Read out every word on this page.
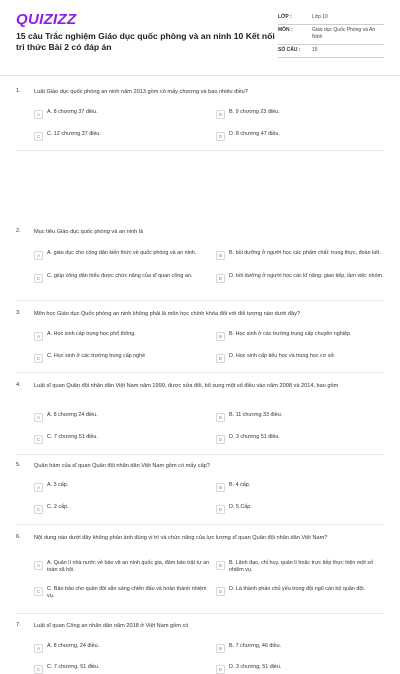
QUIZIZZ
15 câu Trắc nghiệm Giáo dục quốc phòng và an ninh 10 Kết nối tri thức Bài 2 có đáp án
LỚP :	Lớp 10
MÔN :	Giáo dục Quốc Phòng và An Ninh
SỐ CÂU :	15
1. Luật Giáo dục quốc phòng an ninh năm 2013 gồm có mấy chương và bao nhiêu điều?
A	A. 8 chương 37 điều.	B	B. 9 chương 23 điều.
C	C. 12 chương 37 điều.	D	D. 8 chương 47 điều.
2. Mục tiêu Giáo dục quốc phòng và an ninh là
A	A. giáo dục cho công dân kiến thức về quốc phòng và an ninh.	B	B. bồi dưỡng ở người học các phẩm chất: trung thực, đoàn kết.
C	C. giúp công dân hiểu được chức năng của sĩ quan công an.	D	D. bồi dưỡng ở người học các kĩ năng: giao tiếp, làm việc nhóm.
3. Môn học Giáo dục Quốc phòng an ninh không phải là môn học chính khóa đối với đối tượng nào dưới đây?
A	A. Học sinh cấp trung học phổ thông.	B	B. Học sinh ở các trường trung cấp chuyên nghiệp.
C	C. Học sinh ở các trường trung cấp nghề	D	D. Học sinh cấp tiểu học và trung học cơ sở.
4. Luật sĩ quan Quân đội nhân dân Việt Nam năm 1999, được sửa đổi, bổ sung một số điều vào năm 2008 và 2014, bao gồm
A	A. 8 chương 24 điều.	B	B. 11 chương 33 điều.
C	C. 7 chương 51 điều.	D	D. 3 chương 51 điều.
5. Quân hàm của sĩ quan Quân đội nhân dân Việt Nam gồm có mấy cấp?
A	A. 3 cấp.	B	B. 4 cấp.
C	C. 2 cấp.	D	D. 5 Cấp.
6. Nội dung nào dưới đây không phản ánh đúng vị trí và chức năng của lực lượng sĩ quan Quân đội nhân dân Việt Nam?
A	A. Quản lí nhà nước về bảo vệ an ninh quốc gia, đảm bảo trật tự an toàn xã hội.
B	B. Lãnh đạo, chỉ huy, quản lí hoặc trực tiếp thực hiện một số nhiệm vụ.
C	C. Bảo bảo cho quân đội sẵn sàng chiến đấu và hoàn thành nhiệm vụ.
D	D. Là thành phần chủ yếu trong đội ngũ cán bộ quân đội.
7. Luật sĩ quan Công an nhân dân năm 2018 ở Việt Nam gồm có
A	A. 8 chương, 24 điều.	B	B. 7 chương, 46 điều.
C	C. 7 chương, 51 điều.	D	D. 3 chương, 51 điều.
